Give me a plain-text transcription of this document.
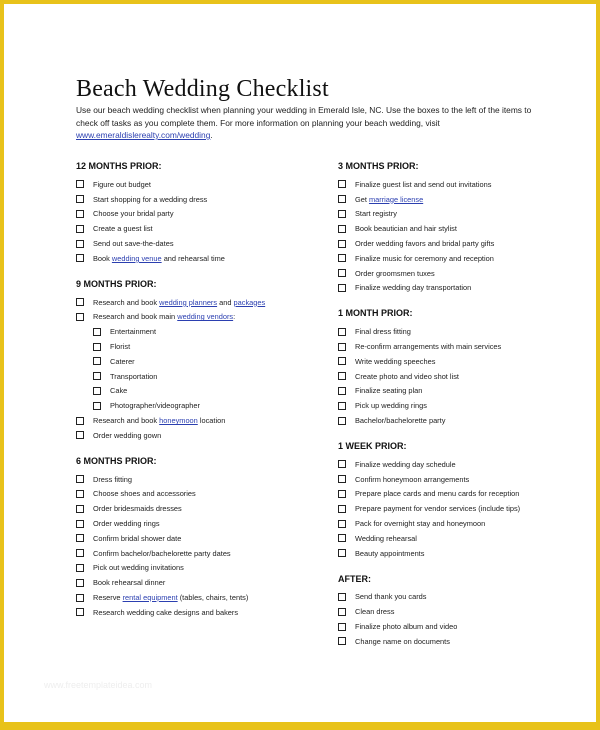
Beach Wedding Checklist
Use our beach wedding checklist when planning your wedding in Emerald Isle, NC. Use the boxes to the left of the items to check off tasks as you complete them. For more information on planning your beach wedding, visit www.emeraldislerealty.com/wedding.
12 MONTHS PRIOR:
Figure out budget
Start shopping for a wedding dress
Choose your bridal party
Create a guest list
Send out save-the-dates
Book wedding venue and rehearsal time
9 MONTHS PRIOR:
Research and book wedding planners and packages
Research and book main wedding vendors:
Entertainment
Florist
Caterer
Transportation
Cake
Photographer/videographer
Research and book honeymoon location
Order wedding gown
6 MONTHS PRIOR:
Dress fitting
Choose shoes and accessories
Order bridesmaids dresses
Order wedding rings
Confirm bridal shower date
Confirm bachelor/bachelorette party dates
Pick out wedding invitations
Book rehearsal dinner
Reserve rental equipment (tables, chairs, tents)
Research wedding cake designs and bakers
3 MONTHS PRIOR:
Finalize guest list and send out invitations
Get marriage license
Start registry
Book beautician and hair stylist
Order wedding favors and bridal party gifts
Finalize music for ceremony and reception
Order groomsmen tuxes
Finalize wedding day transportation
1 MONTH PRIOR:
Final dress fitting
Re-confirm arrangements with main services
Write wedding speeches
Create photo and video shot list
Finalize seating plan
Pick up wedding rings
Bachelor/bachelorette party
1 WEEK PRIOR:
Finalize wedding day schedule
Confirm honeymoon arrangements
Prepare place cards and menu cards for reception
Prepare payment for vendor services (include tips)
Pack for overnight stay and honeymoon
Wedding rehearsal
Beauty appointments
AFTER:
Send thank you cards
Clean dress
Finalize photo album and video
Change name on documents
www.freetemplateidea.com
